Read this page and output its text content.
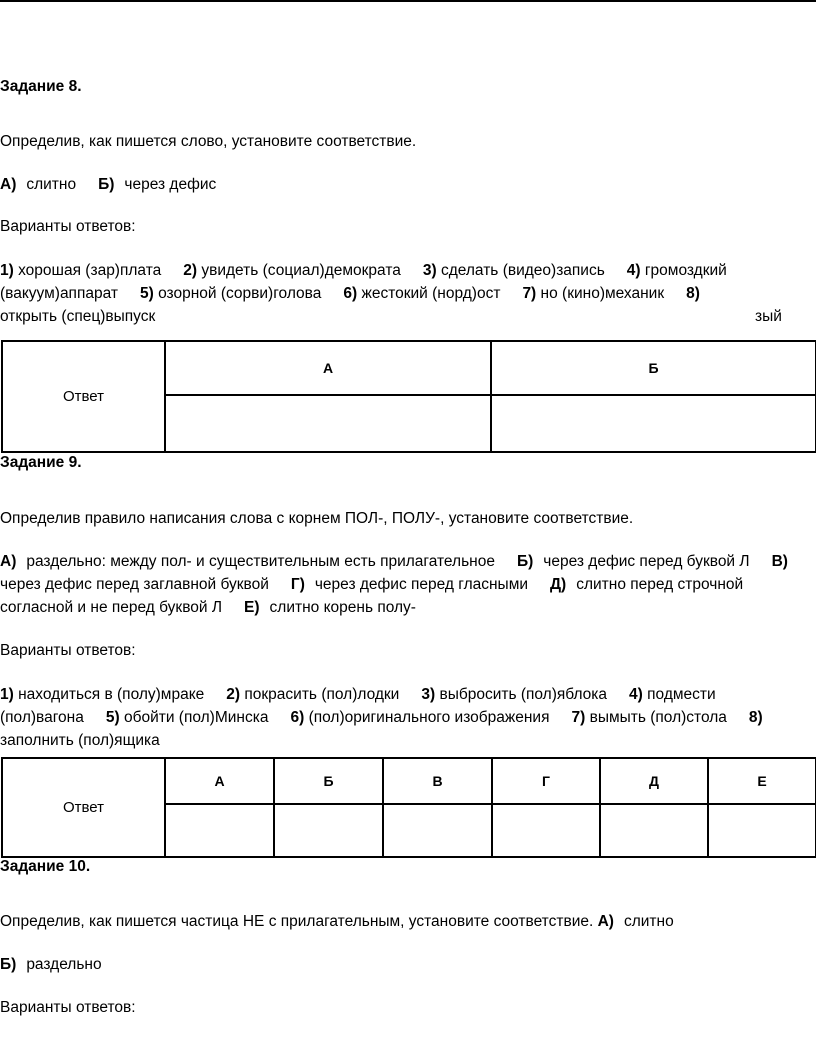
Задание 8.
Определив, как пишется слово, установите соответствие.
А) слитно Б) через дефис
Варианты ответов:
1) хорошая (зар)плата 2) увидеть (социал)демократа 3) сделать (видео)запись 4) громоздкий
(вакуум)аппарат 5) озорной (сорви)голова 6) жестокий (норд)ост 7) но (кино)механик 8)
открыть (спец)выпуск	зый
Ответ	А	Б

Задание 9.
Определив правило написания слова с корнем ПОЛ-, ПОЛУ-, установите соответствие.
А) раздельно: между пол- и существительным есть прилагательное Б) через дефис перед буквой Л В)
через дефис перед заглавной буквой Г) через дефис перед гласными Д) слитно перед строчной
согласной и не перед буквой Л Е) слитно корень полу-
Варианты ответов:
1) находиться в (полу)мраке 2) покрасить (пол)лодки 3) выбросить (пол)яблока 4) подмести
(пол)вагона 5) обойти (пол)Минска 6) (пол)оригинального изображения 7) вымыть (пол)стола 8)
заполнить (пол)ящика
Ответ	А	Б	В	Г	Д	Е

Задание 10.
Определив, как пишется частица НЕ с прилагательным, установите соответствие. А) слитно
Б) раздельно
Варианты ответов:
